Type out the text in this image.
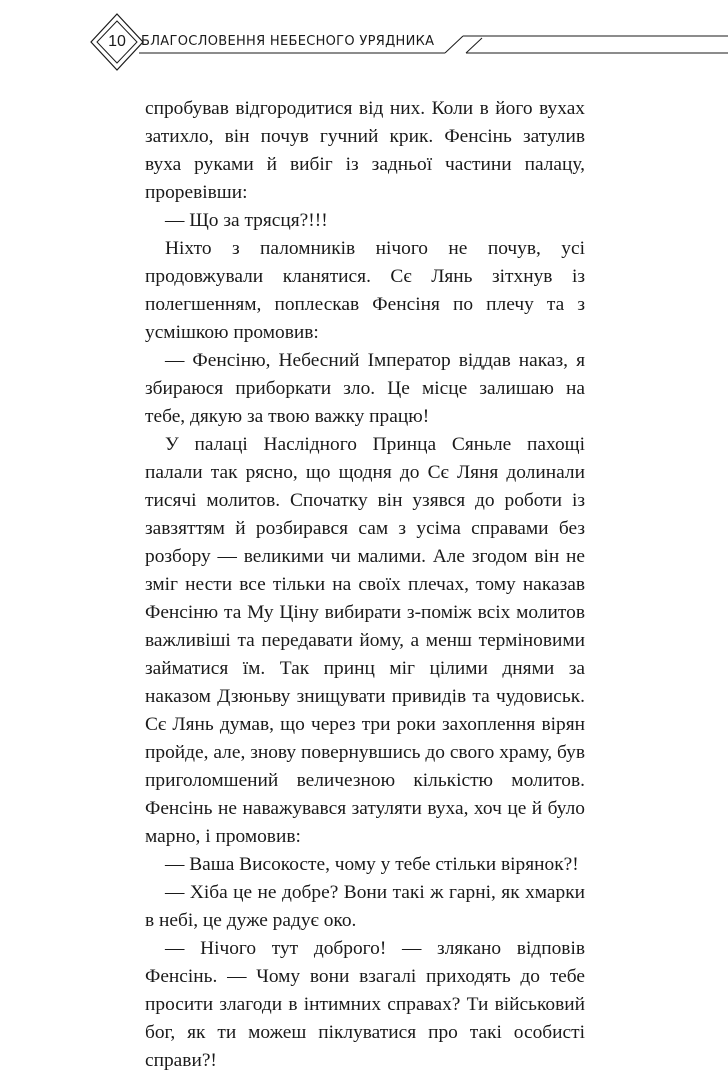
10	БЛАГОСЛОВЕННЯ НЕБЕСНОГО УРЯДНИКА

спробував відгородитися від них. Коли в його вухах затихло, він почув гучний крик. Фенсінь затулив вуха руками й вибіг із задньої частини палацу, проревівши:

— Що за трясця?!!!

Ніхто з паломників нічого не почув, усі продовжували кланятися. Сє Лянь зітхнув із полегшенням, поплескав Фенсіня по плечу та з усмішкою промовив:

— Фенсіню, Небесний Імператор віддав наказ, я збираюся приборкати зло. Це місце залишаю на тебе, дякую за твою важку працю!

У палаці Наслідного Принца Сяньле пахощі палали так рясно, що щодня до Сє Ляня долинали тисячі молитов. Спочатку він узявся до роботи із завзяттям й розбирався сам з усіма справами без розбору — великими чи малими. Але згодом він не зміг нести все тільки на своїх плечах, тому наказав Фенсіню та Му Ціну вибирати з-поміж всіх молитов важливіші та передавати йому, а менш терміновими займатися їм. Так принц міг цілими днями за наказом Дзюньву знищувати привидів та чудовиськ. Сє Лянь думав, що через три роки захоплення вірян пройде, але, знову повернувшись до свого храму, був приголомшений величезною кількістю молитов. Фенсінь не наважувався затуляти вуха, хоч це й було марно, і промовив:

— Ваша Високосте, чому у тебе стільки вірянок?!

— Хіба це не добре? Вони такі ж гарні, як хмарки в небі, це дуже радує око.

— Нічого тут доброго! — злякано відповів Фенсінь. — Чому вони взагалі приходять до тебе просити злагоди в інтимних справах? Ти військовий бог, як ти можеш піклуватися про такі особисті справи?!
